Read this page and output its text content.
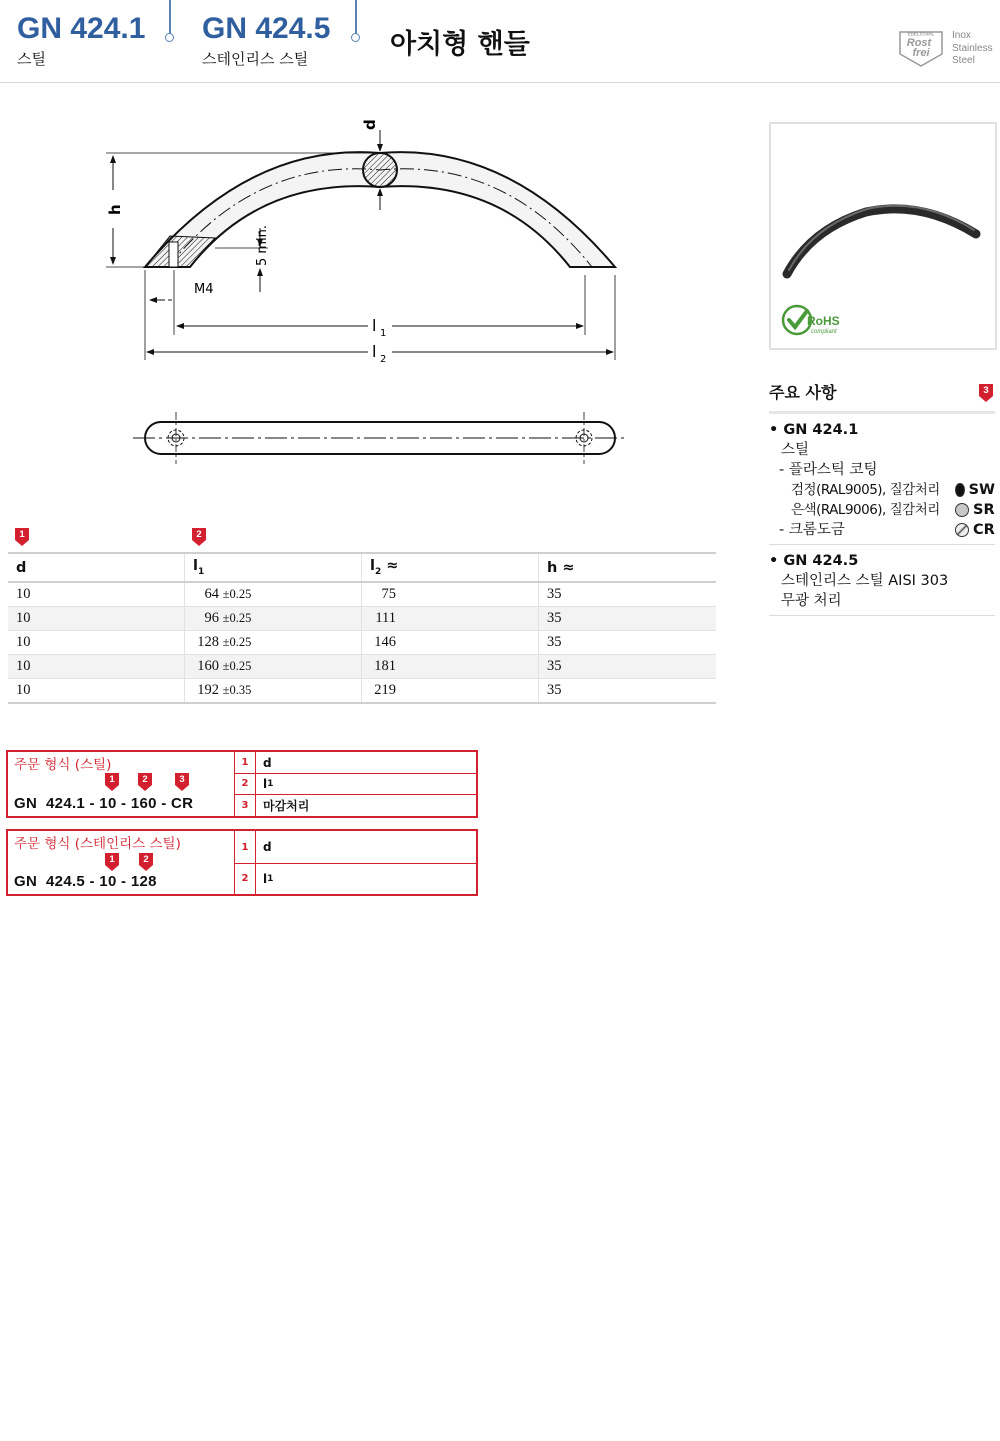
GN 424.1
스틸
GN 424.5
스테인리스 스틸	아치형 핸들	EDELSTAHL
Rost
frei
Inox
Stainless
Steel
d
h
5 min.
M4
l 1
l 2
RoHS
compliant
주요 사항	3
• GN 424.1
스틸
- 플라스틱 코팅
검정(RAL9005), 질감처리 SW
은색(RAL9006), 질감처리 SR
- 크롬도금	CR
• GN 424.5
스테인리스 스틸 AISI 303
무광 처리
1	2
d	$l_1$	$l_2$ ≈	h ≈
10	64 ±0.25	75	35
10	96 ±0.25	111	35
10	128 ±0.25	146	35
10	160 ±0.25	181	35
10	192 ±0.35	219	35
주문 형식 (스틸)
1	2	3
GN  424.1 - 10 - 160 - CR
1	d
2	l 1
3	마감처리
주문 형식 (스테인리스 스틸)
1	2
GN  424.5 - 10 - 128
1	d
2	l 1
